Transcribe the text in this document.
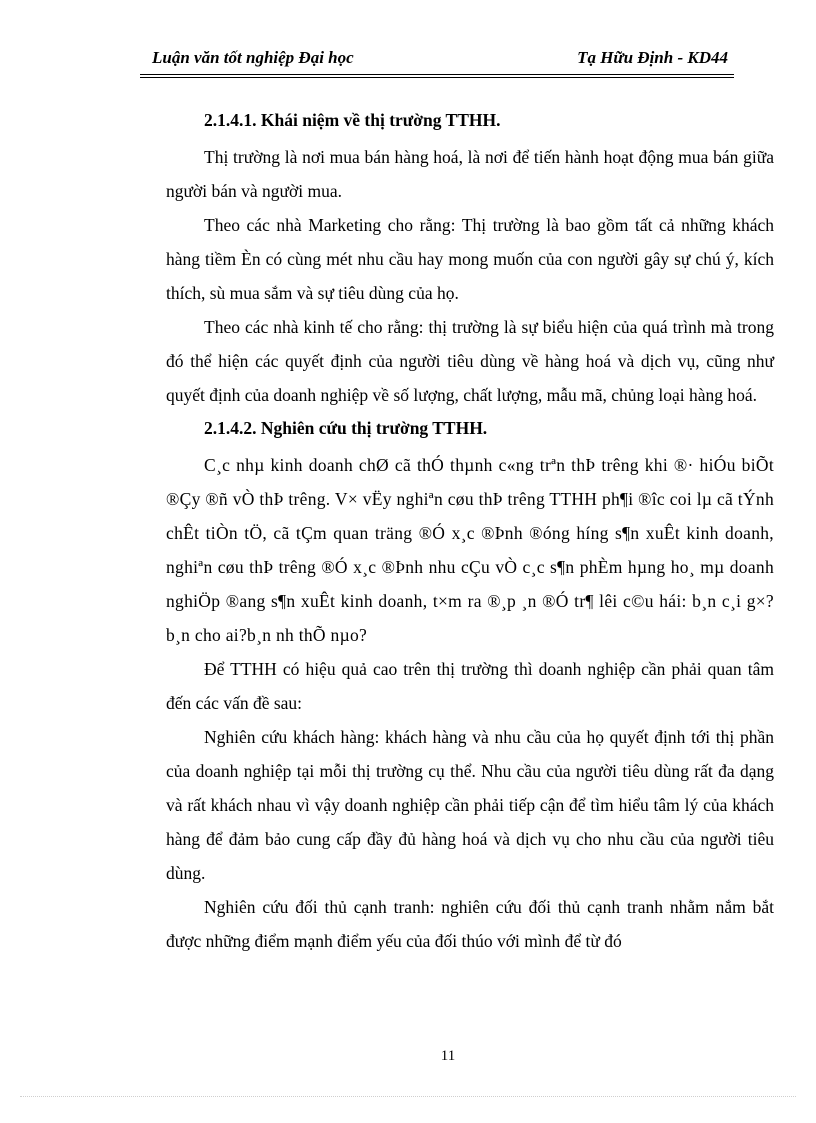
Luận văn tốt nghiệp Đại học	Tạ Hữu Định - KD44

2.1.4.1. Khái niệm về thị trường TTHH.

Thị trường là nơi mua bán hàng hoá, là nơi để tiến hành hoạt động mua bán giữa người bán và người mua.

Theo các nhà Marketing cho rằng: Thị trường là bao gồm tất cả những khách hàng tiềm Èn có cùng mét nhu cầu hay mong muốn của con người gây sự chú ý, kích thích, sù mua sắm và sự tiêu dùng của họ.

Theo các nhà kinh tế cho rằng: thị trường là sự biểu hiện của quá trình mà trong đó thể hiện các quyết định của người tiêu dùng về hàng hoá và dịch vụ, cũng như quyết định của doanh nghiệp về số lượng, chất lượng, mẫu mã, chủng loại hàng hoá.

2.1.4.2. Nghiên cứu thị trường TTHH.

C¸c nhµ kinh doanh chØ cã thÓ thµnh c«ng trªn thÞ trêng khi ®· hiÓu biÕt ®Çy ®ñ vÒ thÞ trêng. V× vËy nghiªn cøu thÞ trêng TTHH ph¶i ®îc coi lµ cã tÝnh chÊt tiÒn tÖ, cã tÇm quan träng ®Ó x¸c ®Þnh ®óng híng s¶n xuÊt kinh doanh, nghiªn cøu thÞ trêng ®Ó x¸c ®Þnh nhu cÇu vÒ c¸c s¶n phÈm hµng ho¸ mµ doanh nghiÖp ®ang s¶n xuÊt kinh doanh, t×m ra ®¸p ¸n ®Ó tr¶ lêi c©u hái: b¸n c¸i g×?b¸n cho ai?b¸n nh thÕ nµo?

Để TTHH có hiệu quả cao trên thị trường thì doanh nghiệp cần phải quan tâm đến các vấn đề sau:

Nghiên cứu khách hàng: khách hàng và nhu cầu của họ quyết định tới thị phần của doanh nghiệp tại mỗi thị trường cụ thể. Nhu cầu của người tiêu dùng rất đa dạng và rất khách nhau vì vậy doanh nghiệp cần phải tiếp cận để tìm hiểu tâm lý của khách hàng để đảm bảo cung cấp đầy đủ hàng hoá và dịch vụ cho nhu cầu của người tiêu dùng.

Nghiên cứu đối thủ cạnh tranh: nghiên cứu đối thủ cạnh tranh nhằm nắm bắt được những điểm mạnh điểm yếu của đối thúo với mình để từ đó

11
